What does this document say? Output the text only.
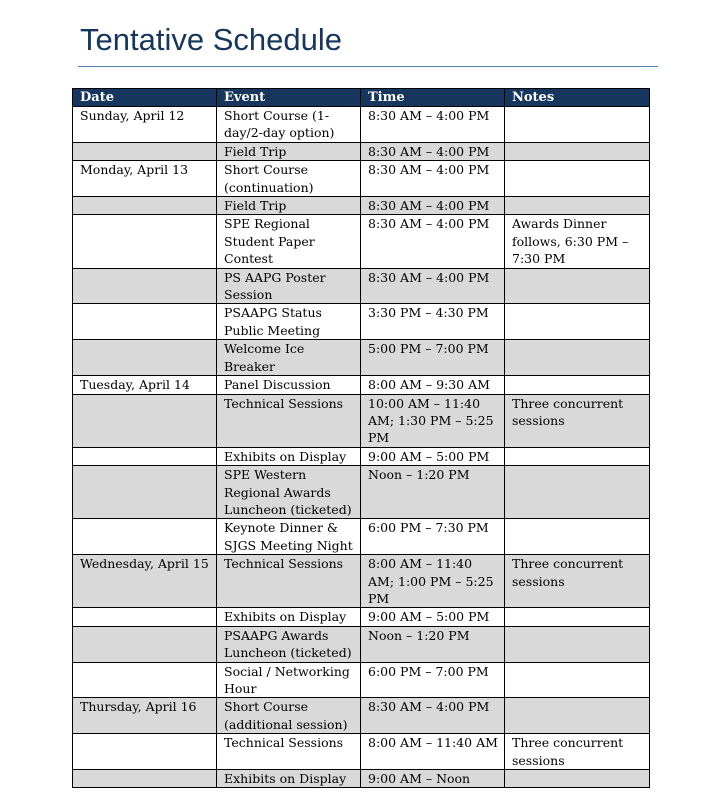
Tentative Schedule
Date	Event	Time	Notes
Sunday, April 12	Short Course (1-day/2-day option)	8:30 AM – 4:00 PM	
	Field Trip	8:30 AM – 4:00 PM	
Monday, April 13	Short Course (continuation)	8:30 AM – 4:00 PM	
	Field Trip	8:30 AM – 4:00 PM	
	SPE Regional Student Paper Contest	8:30 AM – 4:00 PM	Awards Dinner follows, 6:30 PM – 7:30 PM
	PS AAPG Poster Session	8:30 AM – 4:00 PM	
	PSAAPG Status Public Meeting	3:30 PM – 4:30 PM	
	Welcome Ice Breaker	5:00 PM – 7:00 PM	
Tuesday, April 14	Panel Discussion	8:00 AM – 9:30 AM	
	Technical Sessions	10:00 AM – 11:40 AM; 1:30 PM – 5:25 PM	Three concurrent sessions
	Exhibits on Display	9:00 AM – 5:00 PM	
	SPE Western Regional Awards Luncheon (ticketed)	Noon – 1:20 PM	
	Keynote Dinner & SJGS Meeting Night	6:00 PM – 7:30 PM	
Wednesday, April 15	Technical Sessions	8:00 AM – 11:40 AM; 1:00 PM – 5:25 PM	Three concurrent sessions
	Exhibits on Display	9:00 AM – 5:00 PM	
	PSAAPG Awards Luncheon (ticketed)	Noon – 1:20 PM	
	Social / Networking Hour	6:00 PM – 7:00 PM	
Thursday, April 16	Short Course (additional session)	8:30 AM – 4:00 PM	
	Technical Sessions	8:00 AM – 11:40 AM	Three concurrent sessions
	Exhibits on Display	9:00 AM – Noon	
